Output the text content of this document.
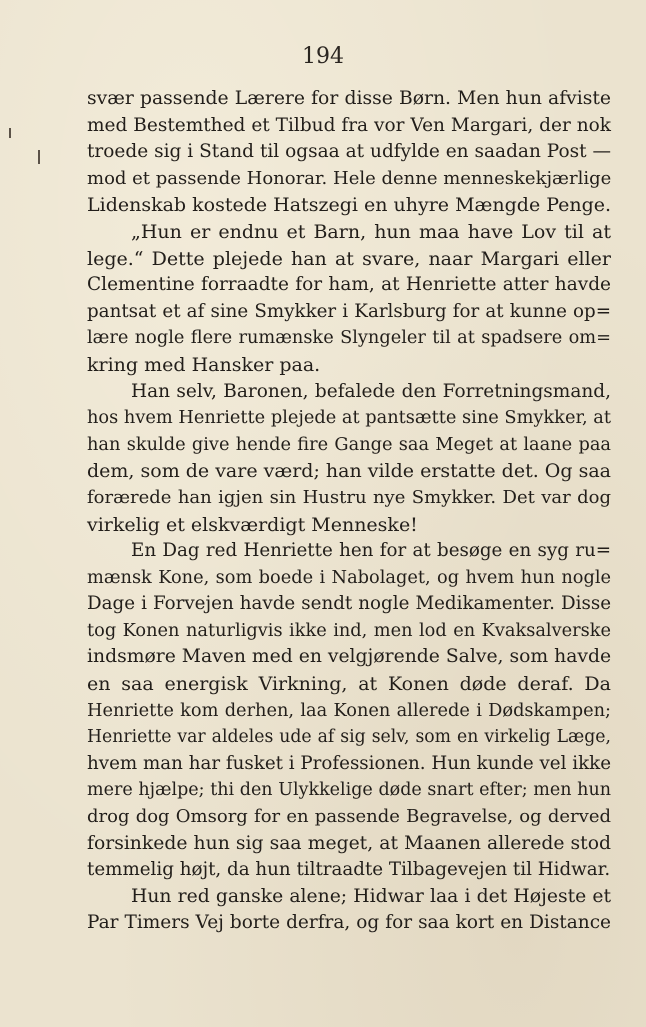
194
svær passende Lærere for disse Børn. Men hun afviste
med Bestemthed et Tilbud fra vor Ven Margari, der nok
troede sig i Stand til ogsaa at udfylde en saadan Post —
mod et passende Honorar. Hele denne menneskekjærlige
Lidenskab kostede Hatszegi en uhyre Mængde Penge.
„Hun er endnu et Barn, hun maa have Lov til at
lege.“ Dette plejede han at svare, naar Margari eller
Clementine forraadte for ham, at Henriette atter havde
pantsat et af sine Smykker i Karlsburg for at kunne op=
lære nogle flere rumænske Slyngeler til at spadsere om=
kring med Hansker paa.
Han selv, Baronen, befalede den Forretningsmand,
hos hvem Henriette plejede at pantsætte sine Smykker, at
han skulde give hende fire Gange saa Meget at laane paa
dem, som de vare værd; han vilde erstatte det. Og saa
forærede han igjen sin Hustru nye Smykker. Det var dog
virkelig et elskværdigt Menneske!
En Dag red Henriette hen for at besøge en syg ru=
mænsk Kone, som boede i Nabolaget, og hvem hun nogle
Dage i Forvejen havde sendt nogle Medikamenter. Disse
tog Konen naturligvis ikke ind, men lod en Kvaksalverske
indsmøre Maven med en velgjørende Salve, som havde
en saa energisk Virkning, at Konen døde deraf. Da
Henriette kom derhen, laa Konen allerede i Dødskampen;
Henriette var aldeles ude af sig selv, som en virkelig Læge,
hvem man har fusket i Professionen. Hun kunde vel ikke
mere hjælpe; thi den Ulykkelige døde snart efter; men hun
drog dog Omsorg for en passende Begravelse, og derved
forsinkede hun sig saa meget, at Maanen allerede stod
temmelig højt, da hun tiltraadte Tilbagevejen til Hidwar.
Hun red ganske alene; Hidwar laa i det Højeste et
Par Timers Vej borte derfra, og for saa kort en Distance
